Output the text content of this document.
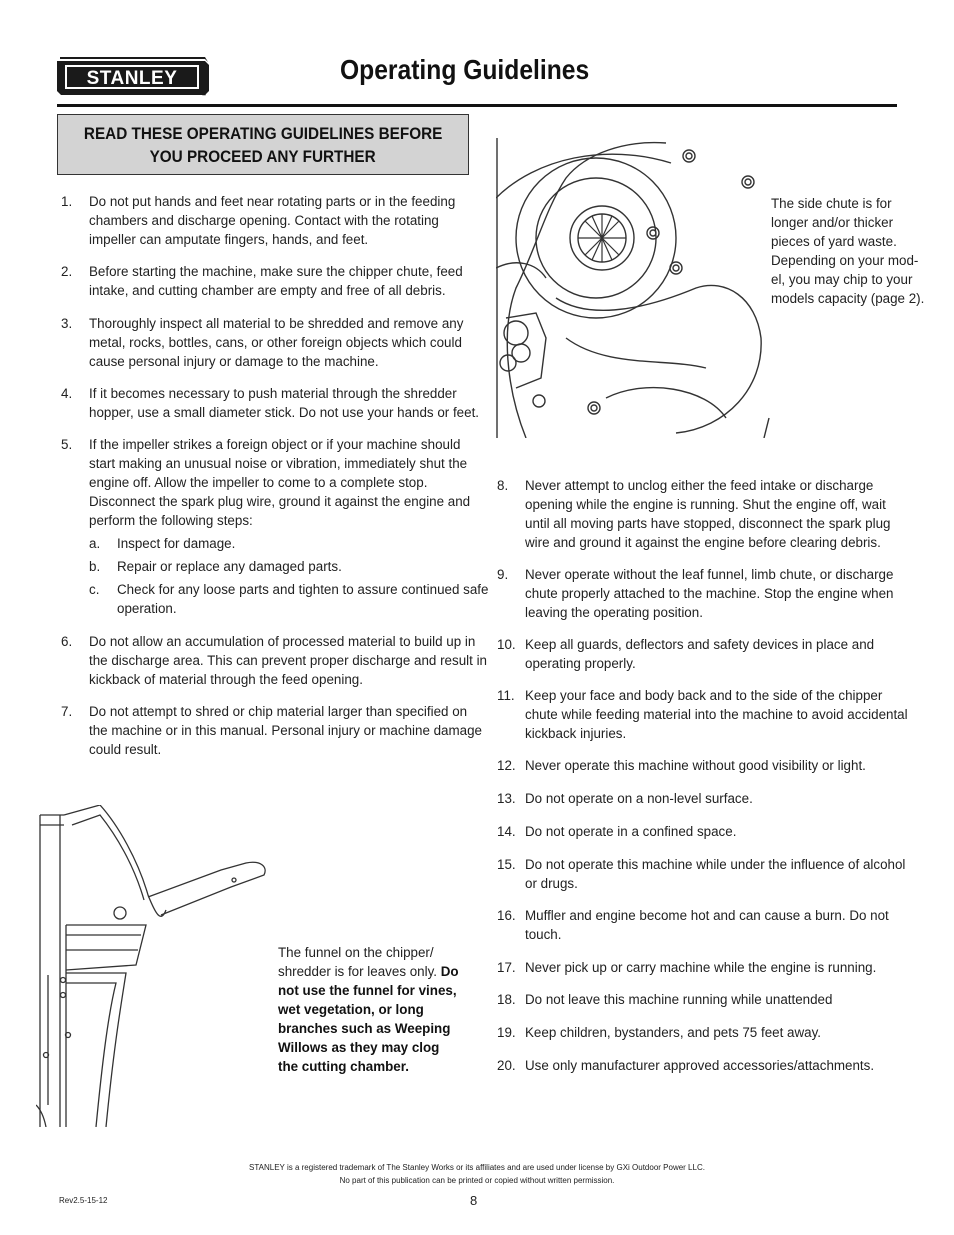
STANLEY
®
Operating Guidelines
READ THESE OPERATING GUIDELINES BEFORE
YOU PROCEED ANY FURTHER
1. Do not put hands and feet near rotating parts or in the feeding
chambers and discharge opening. Contact with the rotating
impeller can amputate fingers, hands, and feet.
2. Before starting the machine, make sure the chipper chute, feed
intake, and cutting chamber are empty and free of all debris.
3. Thoroughly inspect all material to be shredded and remove any
metal, rocks, bottles, cans, or other foreign objects which could
cause personal injury or damage to the machine.
4. If it becomes necessary to push material through the shredder
hopper, use a small diameter stick. Do not use your hands or feet.
5. If the impeller strikes a foreign object or if your machine should
start making an unusual noise or vibration, immediately shut the
engine off. Allow the impeller to come to a complete stop.
Disconnect the spark plug wire, ground it against the engine and
perform the following steps:
6. Do not allow an accumulation of processed material to build up in
the discharge area. This can prevent proper discharge and result in
kickback of material through the feed opening.
7. Do not attempt to shred or chip material larger than specified on
the machine or in this manual. Personal injury or machine damage
could result.
a. Inspect for damage.
b. Repair or replace any damaged parts.
c. Check for any loose parts and tighten to assure continued safe
operation.
8. Never attempt to unclog either the feed intake or discharge
opening while the engine is running. Shut the engine off, wait
until all moving parts have stopped, disconnect the spark plug
wire and ground it against the engine before clearing debris.
9. Never operate without the leaf funnel, limb chute, or discharge
chute properly attached to the machine. Stop the engine when
leaving the operating position.
10. Keep all guards, deflectors and safety devices in place and
operating properly.
11. Keep your face and body back and to the side of the chipper
chute while feeding material into the machine to avoid accidental
kickback injuries.
12. Never operate this machine without good visibility or light.
13. Do not operate on a non-level surface.
14. Do not operate in a confined space.
15. Do not operate this machine while under the influence of alcohol
or drugs.
16. Muffler and engine become hot and can cause a burn. Do not
touch.
17. Never pick up or carry machine while the engine is running.
18. Do not leave this machine running while unattended
19. Keep children, bystanders, and pets 75 feet away.
20. Use only manufacturer approved accessories/attachments.
The side chute is for
longer and/or thicker
pieces of yard waste.
Depending on your mod-
el, you may chip to your
models capacity (page 2).
The funnel on the chipper/
shredder is for leaves only. Do
not use the funnel for vines,
wet vegetation, or long
branches such as Weeping
Willows as they may clog
the cutting chamber.
STANLEY is a registered trademark of The Stanley Works or its affiliates and are used under license by GXi Outdoor Power LLC.
No part of this publication can be printed or copied without written permission.
8
Rev2.5-15-12
